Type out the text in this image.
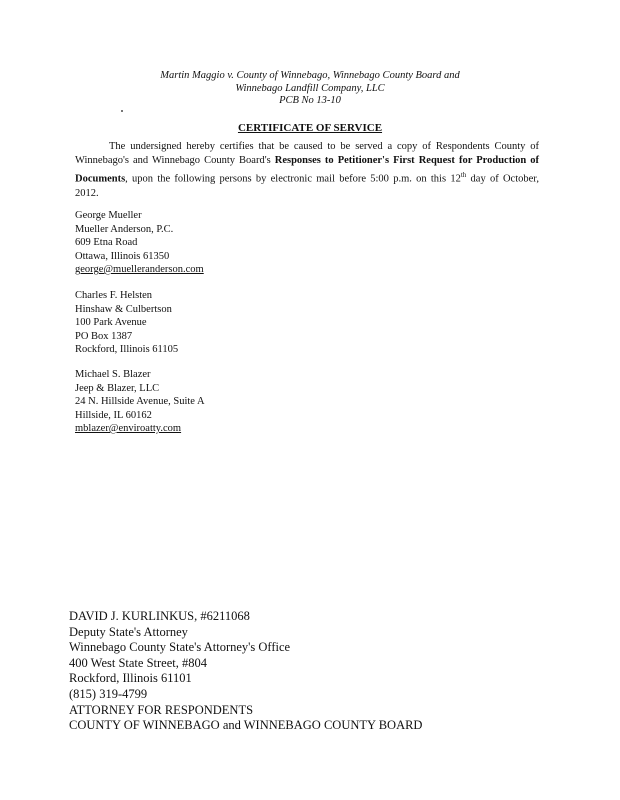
Martin Maggio v. County of Winnebago, Winnebago County Board and
Winnebago Landfill Company, LLC
PCB No 13-10
CERTIFICATE OF SERVICE
The undersigned hereby certifies that be caused to be served a copy of Respondents County of Winnebago's and Winnebago County Board's Responses to Petitioner's First Request for Production of Documents, upon the following persons by electronic mail before 5:00 p.m. on this 12th day of October, 2012.
George Mueller
Mueller Anderson, P.C.
609 Etna Road
Ottawa, Illinois 61350
george@muelleranderson.com
Charles F. Helsten
Hinshaw & Culbertson
100 Park Avenue
PO Box 1387
Rockford, Illinois 61105
Michael S. Blazer
Jeep & Blazer, LLC
24 N. Hillside Avenue, Suite A
Hillside, IL 60162
mblazer@enviroatty.com
DAVID J. KURLINKUS, #6211068
Deputy State's Attorney
Winnebago County State's Attorney's Office
400 West State Street, #804
Rockford, Illinois 61101
(815) 319-4799
ATTORNEY FOR RESPONDENTS
COUNTY OF WINNEBAGO and WINNEBAGO COUNTY BOARD
